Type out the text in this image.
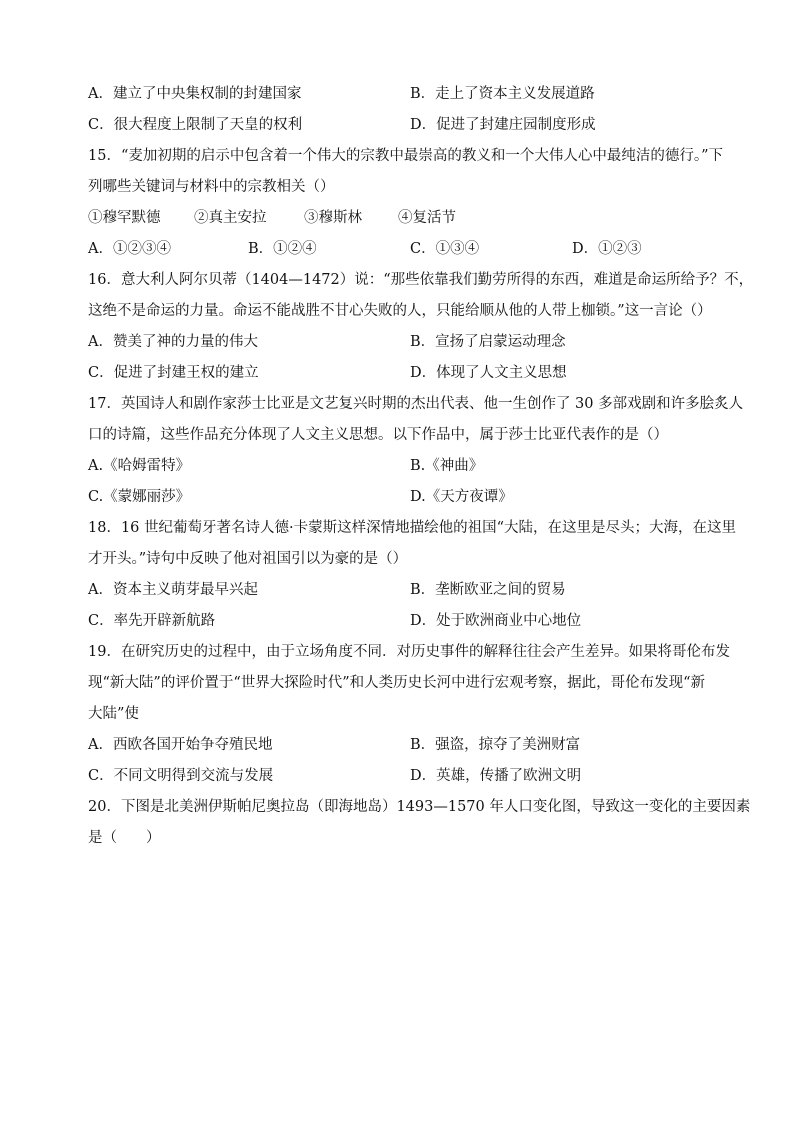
A．建立了中央集权制的封建国家	B．走上了资本主义发展道路
C．很大程度上限制了天皇的权利	D．促进了封建庄园制度形成
15．“麦加初期的启示中包含着一个伟大的宗教中最崇高的教义和一个大伟人心中最纯洁的德行。”下
列哪些关键词与材料中的宗教相关（）
①穆罕默德 ②真主安拉	③穆斯林 ④复活节
A．①②③④	B．①②④	C．①③④	D．①②③
16．意大利人阿尔贝蒂（1404—1472）说：“那些依靠我们勤劳所得的东西，难道是命运所给予？不，
这绝不是命运的力量。命运不能战胜不甘心失败的人，只能给顺从他的人带上枷锁。”这一言论（）
A．赞美了神的力量的伟大	B．宣扬了启蒙运动理念
C．促进了封建王权的建立	D．体现了人文主义思想
17．英国诗人和剧作家莎士比亚是文艺复兴时期的杰出代表、他一生创作了 30 多部戏剧和许多脍炙人
口的诗篇，这些作品充分体现了人文主义思想。以下作品中，属于莎士比亚代表作的是（）
A.《哈姆雷特》	B.《神曲》
C.《蒙娜丽莎》	D.《天方夜谭》
18．16 世纪葡萄牙著名诗人德·卡蒙斯这样深情地描绘他的祖国“大陆，在这里是尽头；大海，在这里
才开头。”诗句中反映了他对祖国引以为豪的是（）
A．资本主义萌芽最早兴起	B．垄断欧亚之间的贸易
C．率先开辟新航路	D．处于欧洲商业中心地位
19．在研究历史的过程中，由于立场角度不同．对历史事件的解释往往会产生差异。如果将哥伦布发
现“新大陆”的评价置于“世界大探险时代”和人类历史长河中进行宏观考察，据此，哥伦布发现“新
大陆”使
A．西欧各国开始争夺殖民地	B．强盗，掠夺了美洲财富
C．不同文明得到交流与发展	D．英雄，传播了欧洲文明
20．下图是北美洲伊斯帕尼奥拉岛（即海地岛）1493—1570 年人口变化图，导致这一变化的主要因素
是（　　）
